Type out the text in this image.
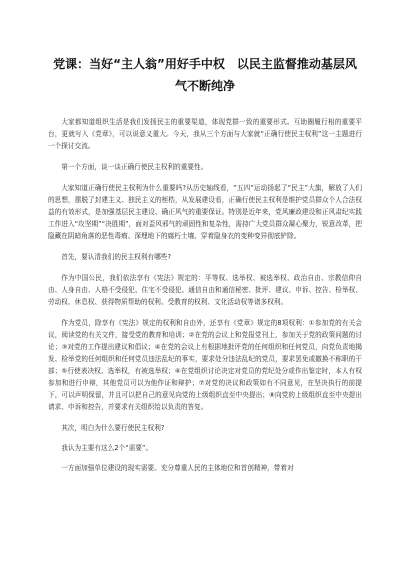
党课：当好“主人翁”用好手中权　以民主监督推动基层风气不断纯净

大家都知道组织生活是我们发扬民主的重要渠道，体现党群一致的重要形式。互助圈履行相的重要平台，更就写入《党章》，可以说意义重大。今天，我从三个方面与大家就“正确行使民主权利”这一主题进行一个探讨交流。

第一个方面，谈一谈正确行使民主权利的重要性。

大家知道正确行使民主权利为什么重要吗?从历史轴线看，“五四”运动扬起了“民主”大旗，解放了人们的思想，摆脱了封建主义、独民主义的桎梏，从发展建设看，正确行使民主权利是维护党员群众个人合法权益的有效形式，是加强基层民主建设、确正风气的重要保证。特别是近年来，党风廉政建设和正风肃纪实践工作进入“攻坚期”“决胜期”，面对歪风邪气的顽固性和复杂性，需持广大党员群众凝心聚力，锐意改革，把隐藏在阴暗角落的恶性毒瘤、深埋地下的腐朽土壤、穿着隐身衣的变种变异彻底铲除。

首先，要认清我们的民主权利有哪些?

作为中国公民，我们依法享有《宪法》规定的：平等权、选举权、被选举权、政治自由、宗教信仰自由、人身自由、人格不受侵犯、住宅不受侵犯、通信自由和通信秘密、批评、建议、申诉、控告、检举权、劳动权、休息权、获得物质帮助的权利、受教育的权利、文化活动权等诸多权利。

作为党员，除享有《宪法》规定的权利和自由外，还享有《党章》规定的8项权利：①参加党的有关会议，阅读党的有关文件，接受党的教育和培训；②在党的会议上和党报党刊上，参加关于党的政策问题的讨论；③对党的工作提出建议和倡议；④在党的会议上有根据地批评党的任何组织和任何党员，向党负责地揭发、检举党的任何组织和任何党员违法乱纪的事实，要求处分违法乱纪的党员，要求罢免或撤换不称职的干部；⑤行使表决权、选举权，有被选举权；⑥在党组织讨论决定对党员的党纪处分或作出鉴定时，本人有权参加和进行申辩，其他党员可以为他作证和辩护；⑦对党的决议和政策如有不同意见，在坚决执行的前提下，可以声明保留，并且可以把自己的意见向党的上级组织直至中央提出；⑧向党的上级组织直至中央提出请求、申诉和控告，并要求有关组织给以负责的答复。

其次，明白为什么要行使民主权利?

我认为主要有这么2个“需要”。

一方面加强单位建设的现实需要。充分尊重人民的主体地位和首创精神，带着对
